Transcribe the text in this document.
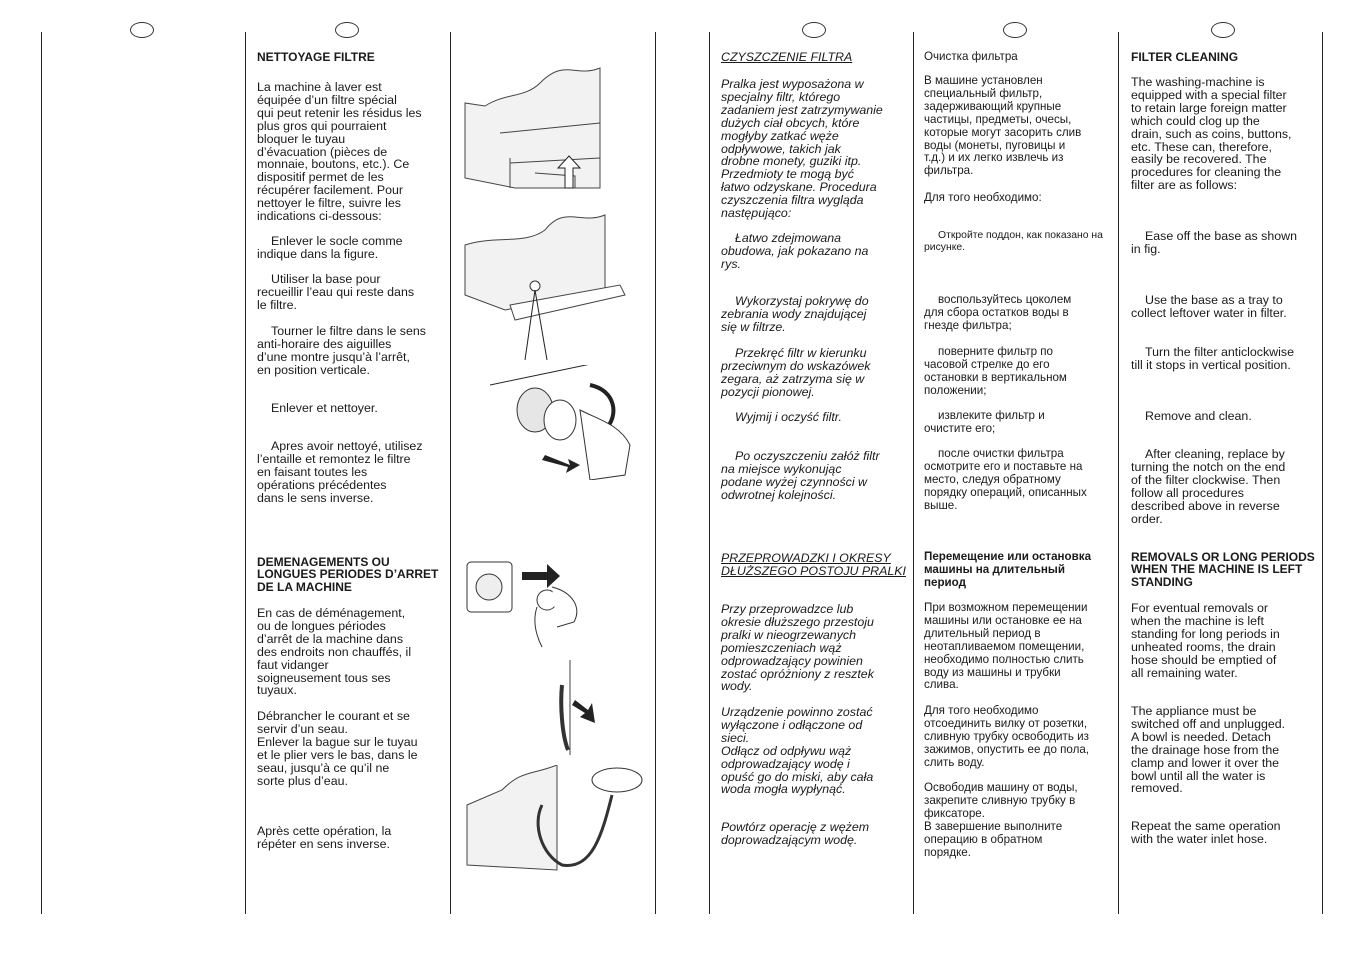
NETTOYAGE FILTRE

La machine à laver est
équipée d’un filtre spécial
qui peut retenir les résidus les
plus gros qui pourraient
bloquer le tuyau
d’évacuation (pièces de
monnaie, boutons, etc.). Ce
dispositif permet de les
récupérer facilement. Pour
nettoyer le filtre, suivre les
indications ci-dessous:

Enlever le socle comme
indique dans la figure.

Utiliser la base pour
recueillir l’eau qui reste dans
le filtre.

Tourner le filtre dans le sens
anti-horaire des aiguilles
d’une montre jusqu’à l’arrêt,
en position verticale.

Enlever et nettoyer.

Apres avoir nettoyé, utilisez
l’entaille et remontez le filtre
en faisant toutes les
opérations précédentes
dans le sens inverse.

DEMENAGEMENTS OU
LONGUES PERIODES D’ARRET
DE LA MACHINE

En cas de déménagement,
ou de longues périodes
d’arrêt de la machine dans
des endroits non chauffés, il
faut vidanger
soigneusement tous ses
tuyaux.

Débrancher le courant et se
servir d’un seau.
Enlever la bague sur le tuyau
et le plier vers le bas, dans le
seau, jusqu’à ce qu’il ne
sorte plus d’eau.

Après cette opération, la
répéter en sens inverse.

CZYSZCZENIE FILTRA

Pralka jest wyposażona w
specjalny filtr, którego
zadaniem jest zatrzymywanie
dużych ciał obcych, które
mogłyby zatkać węże
odpływowe, takich jak
drobne monety, guziki itp.
Przedmioty te mogą być
łatwo odzyskane. Procedura
czyszczenia filtra wygląda
następująco:

Łatwo zdejmowana
obudowa, jak pokazano na
rys.

Wykorzystaj pokrywę do
zebrania wody znajdującej
się w filtrze.

Przekręć filtr w kierunku
przeciwnym do wskazówek
zegara, aż zatrzyma się w
pozycji pionowej.

Wyjmij i oczyść filtr.

Po oczyszczeniu załóż filtr
na miejsce wykonując
podane wyżej czynności w
odwrotnej kolejności.

PRZEPROWADZKI I OKRESY
DŁUŻSZEGO POSTOJU PRALKI

Przy przeprowadzce lub
okresie dłuższego przestoju
pralki w nieogrzewanych
pomieszczeniach wąż
odprowadzający powinien
zostać opróżniony z resztek
wody.

Urządzenie powinno zostać
wyłączone i odłączone od
sieci.
Odłącz od odpływu wąż
odprowadzający wodę i
opuść go do miski, aby cała
woda mogła wypłynąć.

Powtórz operację z wężem
doprowadzającym wodę.

Очистка фильтра

В машине установлен
специальный фильтр,
задерживающий крупные
частицы, предметы, очесы,
которые могут засорить слив
воды (монеты, пуговицы и
т.д.) и их легко извлечь из
фильтра.

Для того необходимо:

Откройте поддон, как показано на
рисунке.

воспользуйтесь цоколем
для сбора остатков воды в
гнезде фильтра;

поверните фильтр по
часовой стрелке до его
остановки в вертикальном
положении;

извлеките фильтр и
очистите его;

после очистки фильтра
осмотрите его и поставьте на
место, следуя обратному
порядку операций, описанных
выше.

Перемещение или остановка
машины на длительный
период

При возможном перемещении
машины или остановке ее на
длительный период в
неотапливаемом помещении,
необходимо полностью слить
воду из машины и трубки
слива.

Для того необходимо
отсоединить вилку от розетки,
сливную трубку освободить из
зажимов, опустить ее до пола,
слить воду.

Освободив машину от воды,
закрепите сливную трубку в
фиксаторе.
В завершение выполните
операцию в обратном
порядке.

FILTER CLEANING

The washing-machine is
equipped with a special filter
to retain large foreign matter
which could clog up the
drain, such as coins, buttons,
etc. These can, therefore,
easily be recovered. The
procedures for cleaning the
filter are as follows:

Ease off the base as shown
in fig.

Use the base as a tray to
collect leftover water in filter.

Turn the filter anticlockwise
till it stops in vertical position.

Remove and clean.

After cleaning, replace by
turning the notch on the end
of the filter clockwise. Then
follow all procedures
described above in reverse
order.

REMOVALS OR LONG PERIODS
WHEN THE MACHINE IS LEFT
STANDING

For eventual removals or
when the machine is left
standing for long periods in
unheated rooms, the drain
hose should be emptied of
all remaining water.

The appliance must be
switched off and unplugged.
A bowl is needed. Detach
the drainage hose from the
clamp and lower it over the
bowl until all the water is
removed.

Repeat the same operation
with the water inlet hose.
